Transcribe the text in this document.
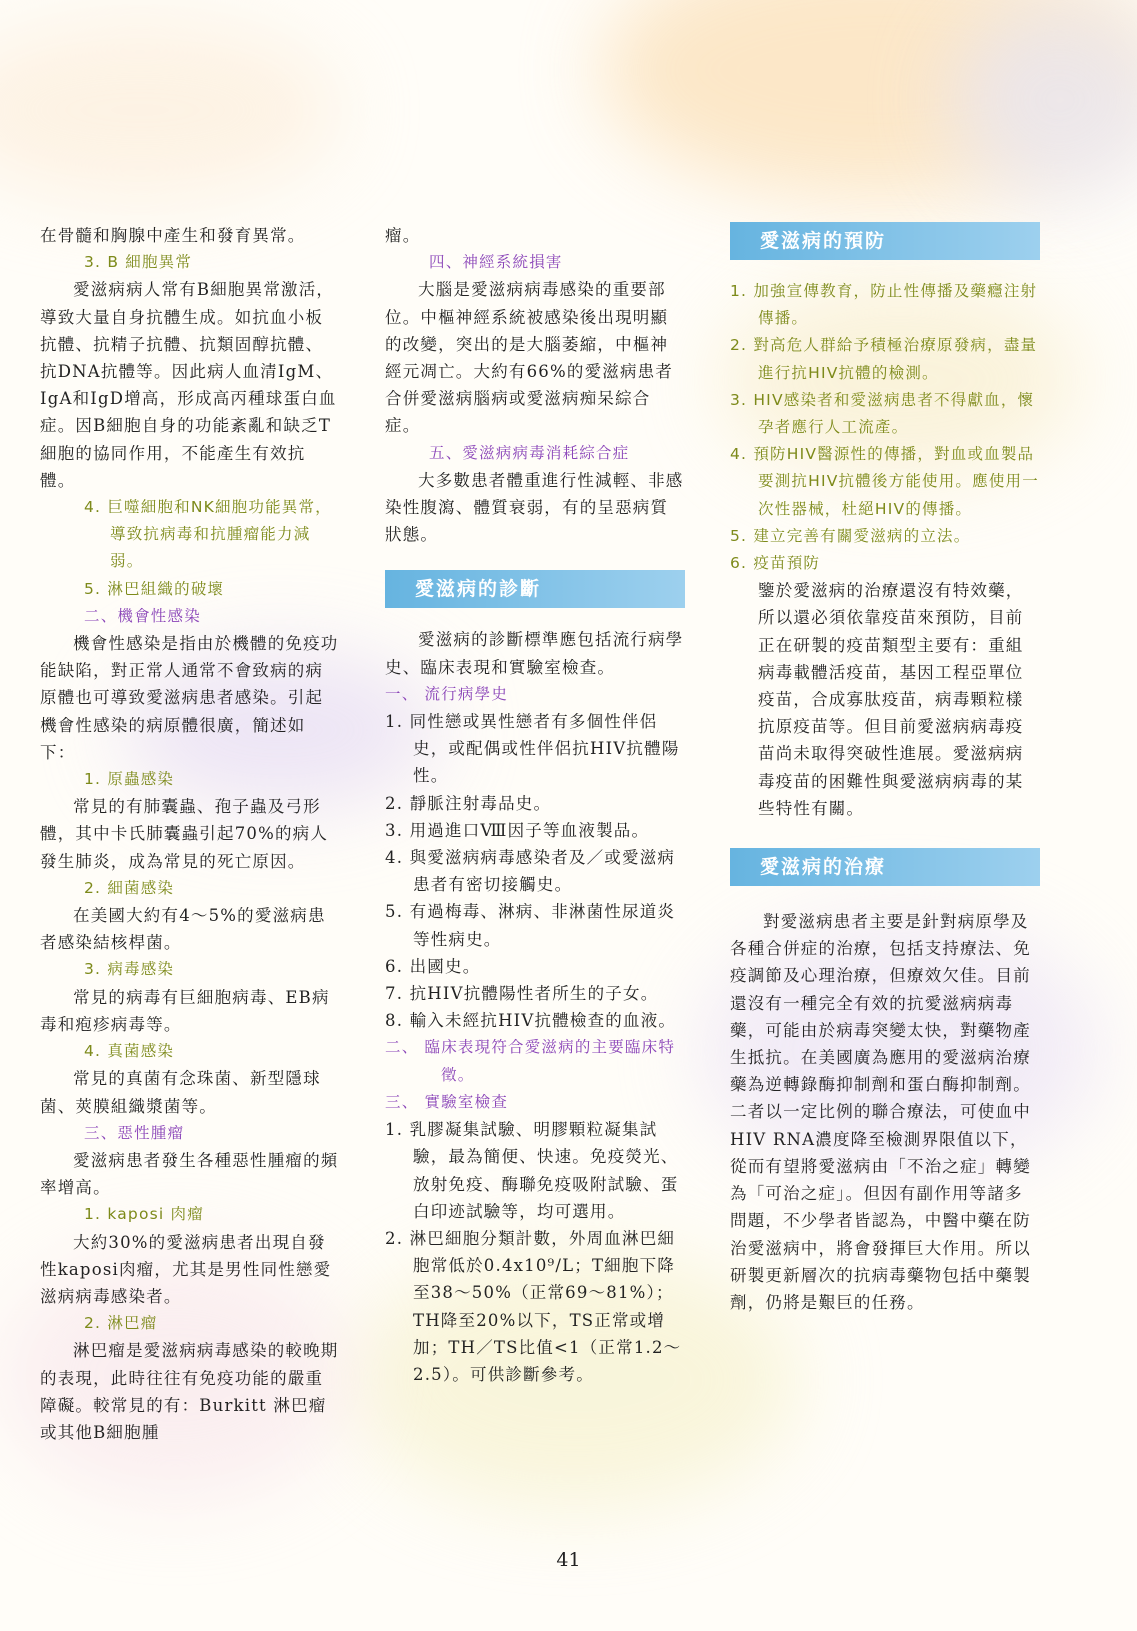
在骨髓和胸腺中產生和發育異常。

3. B 細胞異常

愛滋病病人常有B細胞異常激活，導致大量自身抗體生成。如抗血小板抗體、抗精子抗體、抗類固醇抗體、抗DNA抗體等。因此病人血清IgM、IgA和IgD增高，形成高丙種球蛋白血症。因B細胞自身的功能紊亂和缺乏T細胞的協同作用，不能產生有效抗體。

4. 巨噬細胞和NK細胞功能異常，導致抗病毒和抗腫瘤能力減弱。

5. 淋巴組織的破壞

二、機會性感染

機會性感染是指由於機體的免疫功能缺陷，對正常人通常不會致病的病原體也可導致愛滋病患者感染。引起機會性感染的病原體很廣，簡述如下：

1. 原蟲感染

常見的有肺囊蟲、孢子蟲及弓形體，其中卡氏肺囊蟲引起70%的病人發生肺炎，成為常見的死亡原因。

2. 細菌感染

在美國大約有4～5%的愛滋病患者感染結核桿菌。

3. 病毒感染

常見的病毒有巨細胞病毒、EB病毒和疱疹病毒等。

4. 真菌感染

常見的真菌有念珠菌、新型隱球菌、莢膜組織漿菌等。

三、惡性腫瘤

愛滋病患者發生各種惡性腫瘤的頻率增高。

1. kaposi 肉瘤

大約30%的愛滋病患者出現自發性kaposi肉瘤，尤其是男性同性戀愛滋病病毒感染者。

2. 淋巴瘤

淋巴瘤是愛滋病病毒感染的較晚期的表現，此時往往有免疫功能的嚴重障礙。較常見的有：Burkitt 淋巴瘤或其他B細胞腫

瘤。

四、神經系統損害

大腦是愛滋病病毒感染的重要部位。中樞神經系統被感染後出現明顯的改變，突出的是大腦萎縮，中樞神經元凋亡。大約有66%的愛滋病患者合併愛滋病腦病或愛滋病痴呆綜合症。

五、愛滋病病毒消耗綜合症

大多數患者體重進行性減輕、非感染性腹瀉、體質衰弱，有的呈惡病質狀態。

愛滋病的診斷

愛滋病的診斷標準應包括流行病學史、臨床表現和實驗室檢查。

一、 流行病學史

1. 同性戀或異性戀者有多個性伴侶史，或配偶或性伴侶抗HIV抗體陽性。

2. 靜脈注射毒品史。

3. 用過進口Ⅷ因子等血液製品。

4. 與愛滋病病毒感染者及／或愛滋病患者有密切接觸史。

5. 有過梅毒、淋病、非淋菌性尿道炎等性病史。

6. 出國史。

7. 抗HIV抗體陽性者所生的子女。

8. 輸入未經抗HIV抗體檢查的血液。

二、 臨床表現符合愛滋病的主要臨床特徵。

三、 實驗室檢查

1. 乳膠凝集試驗、明膠顆粒凝集試驗，最為簡便、快速。免疫熒光、放射免疫、酶聯免疫吸附試驗、蛋白印迹試驗等，均可選用。

2. 淋巴細胞分類計數，外周血淋巴細胞常低於0.4x10⁹/L；T細胞下降至38～50%（正常69～81%）；TH降至20%以下，TS正常或增加；TH／TS比值<1（正常1.2～2.5）。可供診斷參考。

愛滋病的預防

1. 加強宣傳教育，防止性傳播及藥癮注射傳播。

2. 對高危人群給予積極治療原發病，盡量進行抗HIV抗體的檢測。

3. HIV感染者和愛滋病患者不得獻血，懷孕者應行人工流產。

4. 預防HIV醫源性的傳播，對血或血製品要測抗HIV抗體後方能使用。應使用一次性器械，杜絕HIV的傳播。

5. 建立完善有關愛滋病的立法。

6. 疫苗預防

鑒於愛滋病的治療還沒有特效藥，所以還必須依靠疫苗來預防，目前正在研製的疫苗類型主要有：重組病毒載體活疫苗，基因工程亞單位疫苗，合成寡肽疫苗，病毒顆粒樣抗原疫苗等。但目前愛滋病病毒疫苗尚未取得突破性進展。愛滋病病毒疫苗的困難性與愛滋病病毒的某些特性有關。

愛滋病的治療

對愛滋病患者主要是針對病原學及各種合併症的治療，包括支持療法、免疫調節及心理治療，但療效欠佳。目前還沒有一種完全有效的抗愛滋病病毒藥，可能由於病毒突變太快，對藥物產生抵抗。在美國廣為應用的愛滋病治療藥為逆轉錄酶抑制劑和蛋白酶抑制劑。二者以一定比例的聯合療法，可使血中HIV RNA濃度降至檢測界限值以下，從而有望將愛滋病由「不治之症」轉變為「可治之症」。但因有副作用等諸多問題，不少學者皆認為，中醫中藥在防治愛滋病中，將會發揮巨大作用。所以研製更新層次的抗病毒藥物包括中藥製劑，仍將是艱巨的任務。

41
